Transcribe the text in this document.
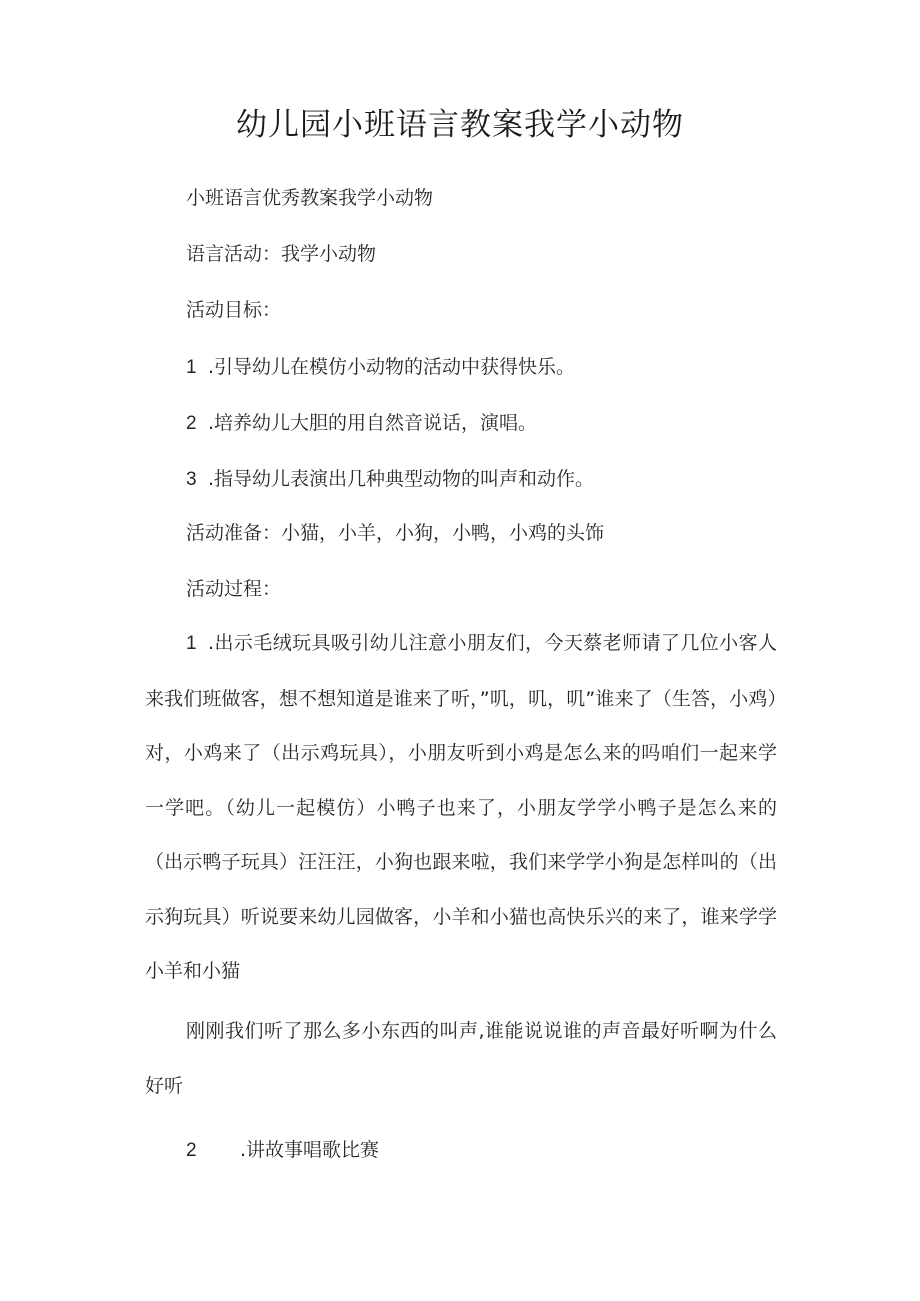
幼儿园小班语言教案我学小动物
小班语言优秀教案我学小动物
语言活动：我学小动物
活动目标：
1 .引导幼儿在模仿小动物的活动中获得快乐。
2 .培养幼儿大胆的用自然音说话，演唱。
3 .指导幼儿表演出几种典型动物的叫声和动作。
活动准备：小猫，小羊，小狗，小鸭，小鸡的头饰
活动过程：
1 .出示毛绒玩具吸引幼儿注意小朋友们，今天蔡老师请了几位小客人来我们班做客，想不想知道是谁来了听，”叽，叽，叽”谁来了（生答，小鸡）对，小鸡来了（出示鸡玩具），小朋友听到小鸡是怎么来的吗咱们一起来学一学吧。（幼儿一起模仿）小鸭子也来了，小朋友学学小鸭子是怎么来的（出示鸭子玩具）汪汪汪，小狗也跟来啦，我们来学学小狗是怎样叫的（出示狗玩具）听说要来幼儿园做客，小羊和小猫也高快乐兴的来了，谁来学学小羊和小猫
刚刚我们听了那么多小东西的叫声,谁能说说谁的声音最好听啊为什么好听
2 .讲故事唱歌比赛
